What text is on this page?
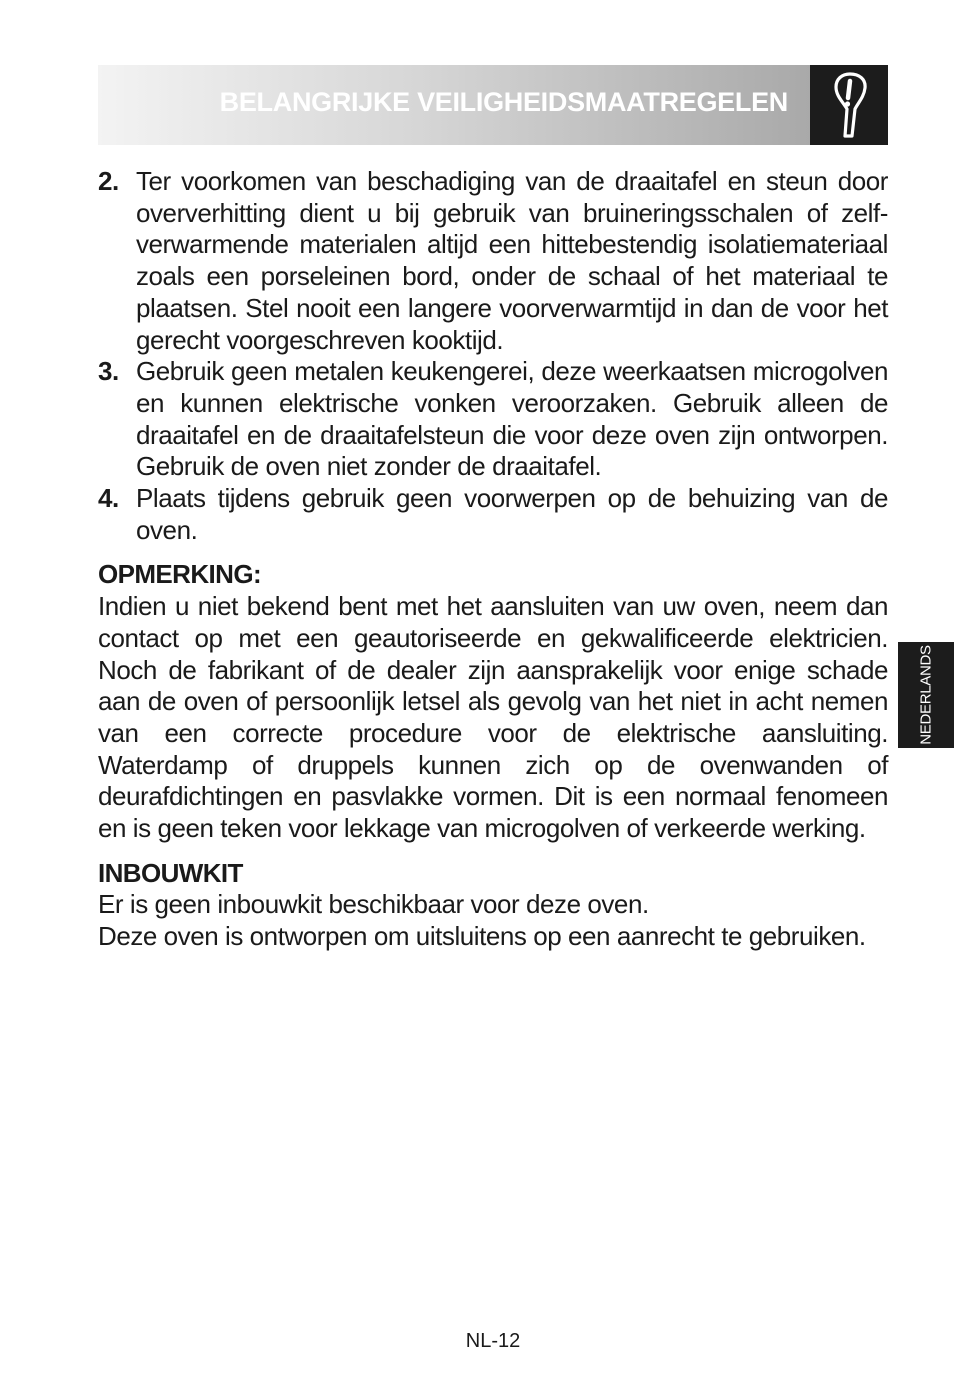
BELANGRIJKE VEILIGHEIDSMAATREGELEN
2. Ter voorkomen van beschadiging van de draaitafel en steun door oververhitting dient u bij gebruik van bruineringsschalen of zelf-verwarmende materialen altijd een hittebestendig isolatiemateriaal zoals een porseleinen bord, onder de schaal of het materiaal te plaatsen. Stel nooit een langere voorverwarmtijd in dan de voor het gerecht voorgeschreven kooktijd.
3. Gebruik geen metalen keukengerei, deze weerkaatsen microgolven en kunnen elektrische vonken veroorzaken. Gebruik alleen de draaitafel en de draaitafelsteun die voor deze oven zijn ontworpen. Gebruik de oven niet zonder de draaitafel.
4. Plaats tijdens gebruik geen voorwerpen op de behuizing van de oven.
OPMERKING:
Indien u niet bekend bent met het aansluiten van uw oven, neem dan contact op met een geautoriseerde en gekwalificeerde elektricien. Noch de fabrikant of de dealer zijn aansprakelijk voor enige schade aan de oven of persoonlijk letsel als gevolg van het niet in acht nemen van een correcte procedure voor de elektrische aansluiting. Waterdamp of druppels kunnen zich op de ovenwanden of deurafdichtingen en pasvlakke vormen. Dit is een normaal fenomeen en is geen teken voor lekkage van microgolven of verkeerde werking.
INBOUWKIT
Er is geen inbouwkit beschikbaar voor deze oven.
Deze oven is ontworpen om uitsluitens op een aanrecht te gebruiken.
NEDERLANDS
NL-12
